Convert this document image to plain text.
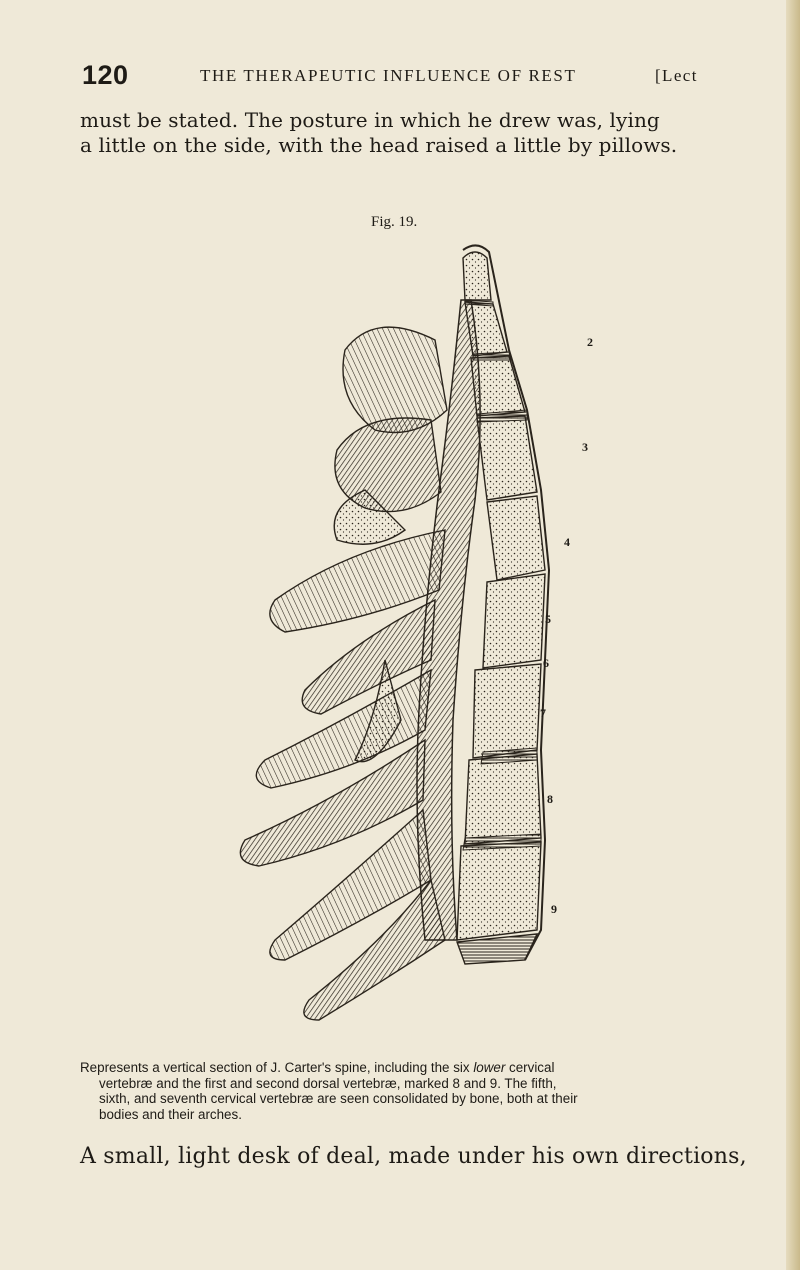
120	THE THERAPEUTIC INFLUENCE OF REST	[Lect
must be stated. The posture in which he drew was, lying
a little on the side, with the head raised a little by pillows.
Fig. 19.
2
3
4
5
6
7
8
9
Represents a vertical section of J. Carter's spine, including the six lower cervical
vertebræ and the first and second dorsal vertebræ, marked 8 and 9. The fifth,
sixth, and seventh cervical vertebræ are seen consolidated by bone, both at their
bodies and their arches.
A small, light desk of deal, made under his own directions,
